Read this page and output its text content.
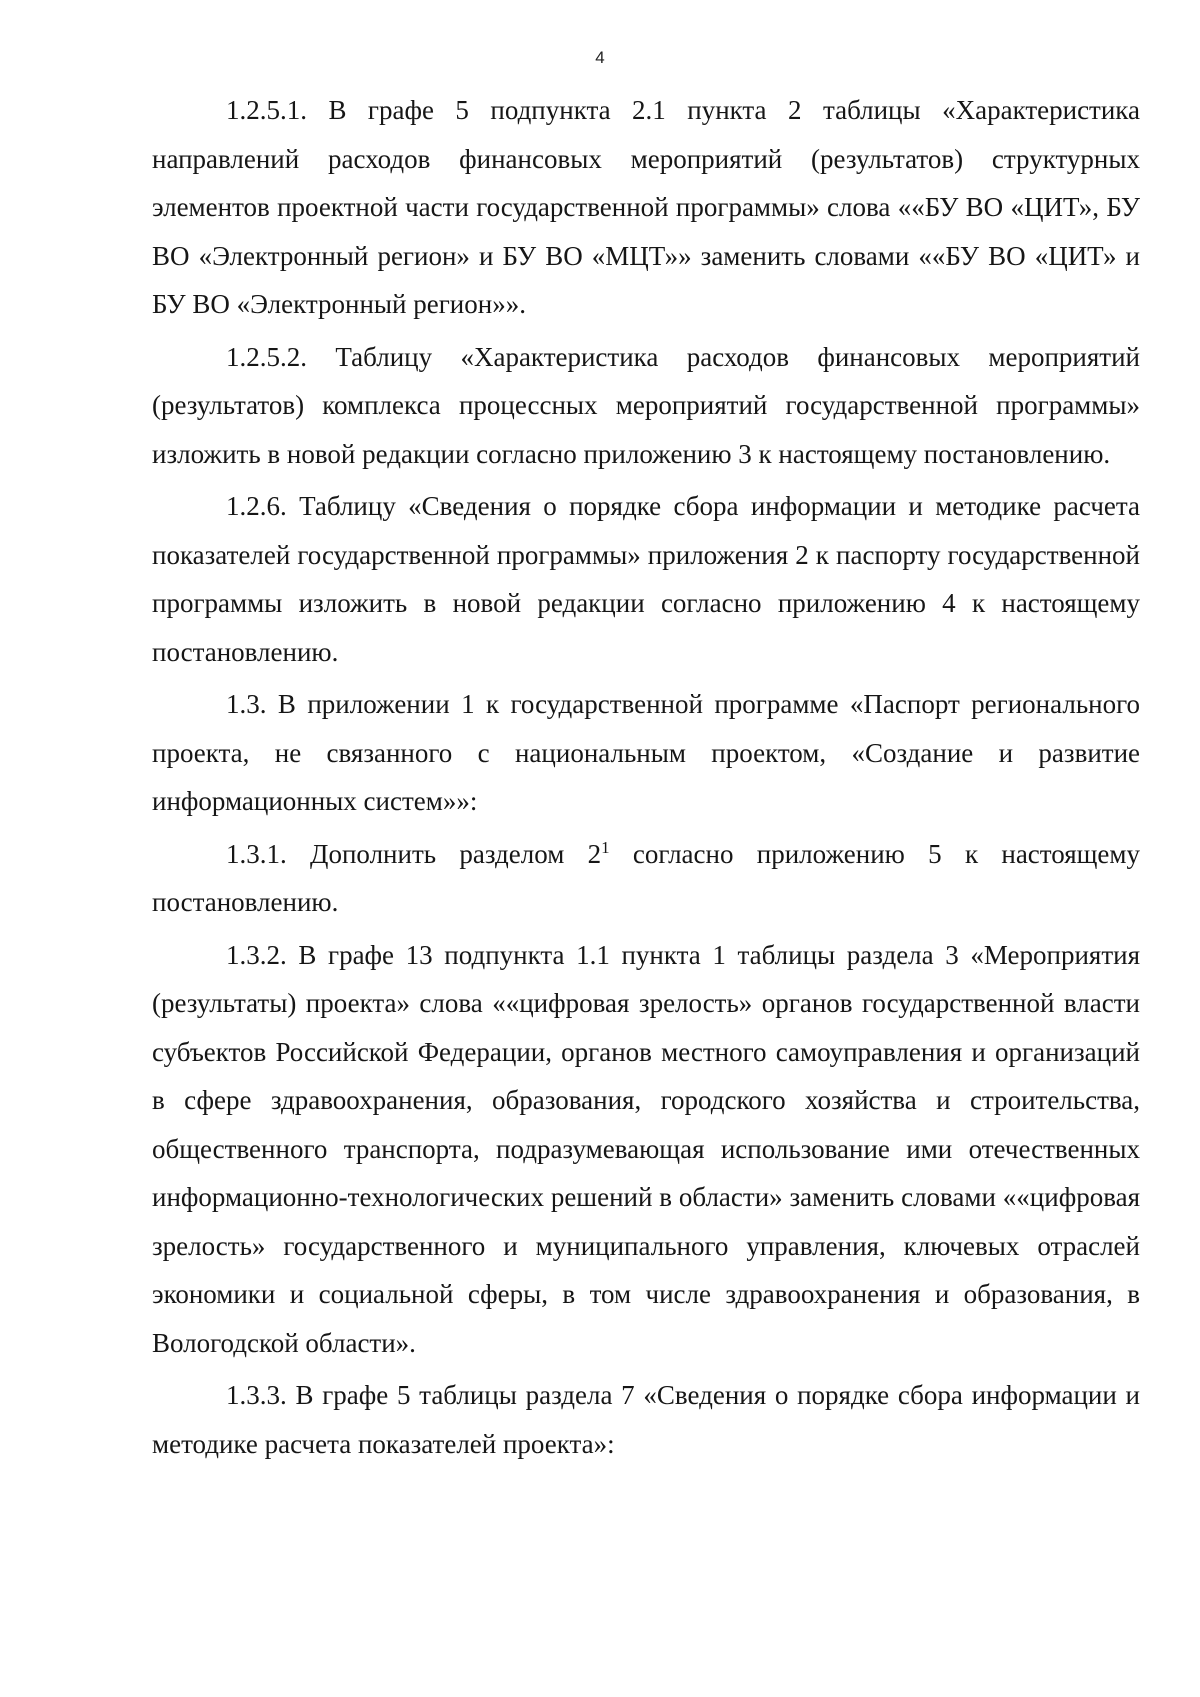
4

1.2.5.1. В графе 5 подпункта 2.1 пункта 2 таблицы «Характеристика направлений расходов финансовых мероприятий (результатов) структурных элементов проектной части государственной программы» слова ««БУ ВО «ЦИТ», БУ ВО «Электронный регион» и БУ ВО «МЦТ»» заменить словами ««БУ ВО «ЦИТ» и БУ ВО «Электронный регион»».

1.2.5.2. Таблицу «Характеристика расходов финансовых мероприятий (результатов) комплекса процессных мероприятий государственной программы» изложить в новой редакции согласно приложению 3 к настоящему постановлению.

1.2.6. Таблицу «Сведения о порядке сбора информации и методике расчета показателей государственной программы» приложения 2 к паспорту государственной программы изложить в новой редакции согласно приложению 4 к настоящему постановлению.

1.3. В приложении 1 к государственной программе «Паспорт регионального проекта, не связанного с национальным проектом, «Создание и развитие информационных систем»»:

1.3.1. Дополнить разделом $2^1$ согласно приложению 5 к настоящему постановлению.

1.3.2. В графе 13 подпункта 1.1 пункта 1 таблицы раздела 3 «Мероприятия (результаты) проекта» слова ««цифровая зрелость» органов государственной власти субъектов Российской Федерации, органов местного самоуправления и организаций в сфере здравоохранения, образования, городского хозяйства и строительства, общественного транспорта, подразумевающая использование ими отечественных информационно-технологических решений в области» заменить словами ««цифровая зрелость» государственного и муниципального управления, ключевых отраслей экономики и социальной сферы, в том числе здравоохранения и образования, в Вологодской области».

1.3.3. В графе 5 таблицы раздела 7 «Сведения о порядке сбора информации и методике расчета показателей проекта»:
